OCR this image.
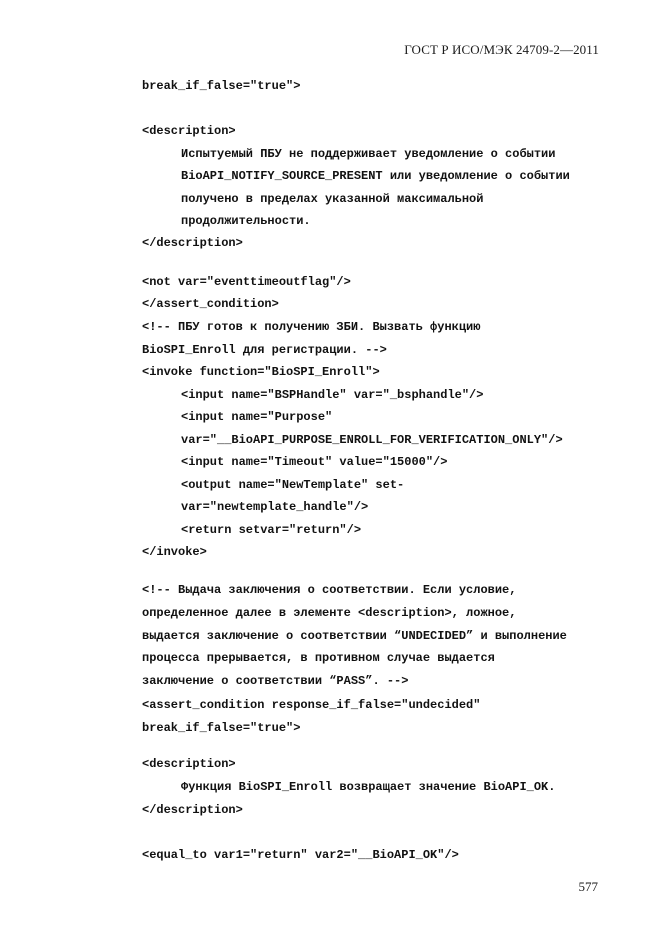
ГОСТ Р ИСО/МЭК 24709-2—2011

break_if_false="true">

<description>

Испытуемый ПБУ не поддерживает уведомление о событии

BioAPI_NOTIFY_SOURCE_PRESENT или уведомление о событии

получено в пределах указанной максимальной

продолжительности.

</description>

<not var="eventtimeoutflag"/>

</assert_condition>

<!-- ПБУ готов к получению ЗБИ. Вызвать функцию

BioSPI_Enroll для регистрации. -->

<invoke function="BioSPI_Enroll">

<input name="BSPHandle" var="_bsphandle"/>

<input name="Purpose"

var="__BioAPI_PURPOSE_ENROLL_FOR_VERIFICATION_ONLY"/>

<input name="Timeout" value="15000"/>

<output name="NewTemplate" set-

var="newtemplate_handle"/>

<return setvar="return"/>

</invoke>

<!-- Выдача заключения о соответствии. Если условие,

определенное далее в элементе <description>, ложное,

выдается заключение о соответствии “UNDECIDED” и выполнение

процесса прерывается, в противном случае выдается

заключение о соответствии “PASS”. -->

<assert_condition response_if_false="undecided"

break_if_false="true">

<description>

Функция BioSPI_Enroll возвращает значение BioAPI_OK.

</description>

<equal_to var1="return" var2="__BioAPI_OK"/>

577
